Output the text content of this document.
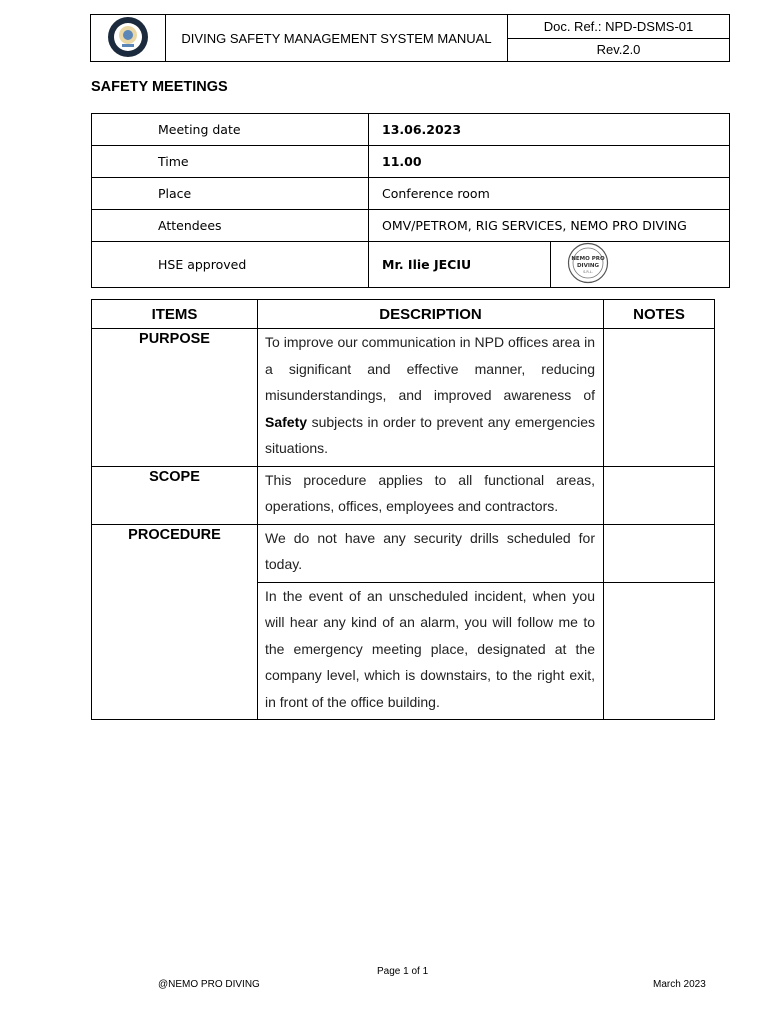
	DIVING SAFETY MANAGEMENT SYSTEM MANUAL	Doc. Ref.: NPD-DSMS-01
Rev.2.0
SAFETY MEETINGS
Meeting date	13.06.2023	
Time	11.00	
Place	Conference room	
Attendees	OMV/PETROM, RIG SERVICES, NEMO PRO DIVING	
HSE approved	Mr. Ilie JECIU	NEMO PRO
DIVING
S.R.L.
ITEMS	DESCRIPTION	NOTES
PURPOSE	To improve our communication in NPD offices area in a significant and effective manner, reducing misunderstandings, and improved awareness of Safety subjects in order to prevent any emergencies situations.	
SCOPE	This procedure applies to all functional areas, operations, offices, employees and contractors.	
PROCEDURE	We do not have any security drills scheduled for today.	
	In the event of an unscheduled incident, when you will hear any kind of an alarm, you will follow me to the emergency meeting place, designated at the company level, which is downstairs, to the right exit, in front of the office building.	
Page 1 of 1
@NEMO PRO DIVING	March 2023
